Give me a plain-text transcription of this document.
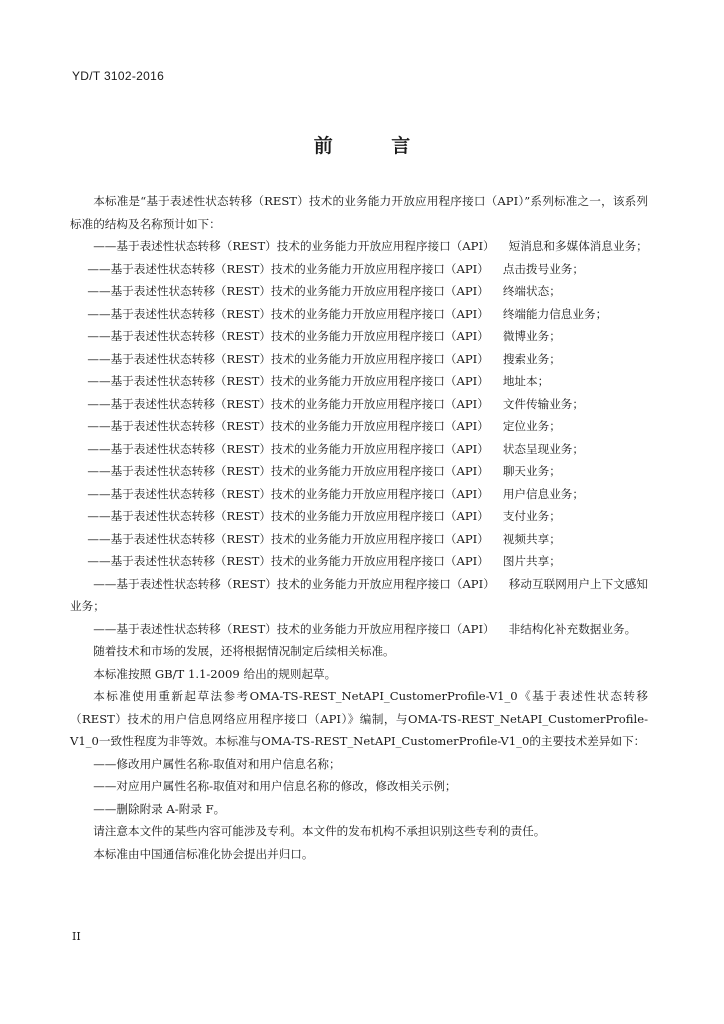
YD/T 3102-2016
前 言

本标准是“基于表述性状态转移（REST）技术的业务能力开放应用程序接口（API）”系列标准之一，该系列标准的结构及名称预计如下：

——基于表述性状态转移（REST）技术的业务能力开放应用程序接口（API） 短消息和多媒体消息业务；

——基于表述性状态转移（REST）技术的业务能力开放应用程序接口（API） 点击拨号业务；
——基于表述性状态转移（REST）技术的业务能力开放应用程序接口（API） 终端状态；
——基于表述性状态转移（REST）技术的业务能力开放应用程序接口（API） 终端能力信息业务；
——基于表述性状态转移（REST）技术的业务能力开放应用程序接口（API） 微博业务；
——基于表述性状态转移（REST）技术的业务能力开放应用程序接口（API） 搜索业务；
——基于表述性状态转移（REST）技术的业务能力开放应用程序接口（API） 地址本；
——基于表述性状态转移（REST）技术的业务能力开放应用程序接口（API） 文件传输业务；
——基于表述性状态转移（REST）技术的业务能力开放应用程序接口（API） 定位业务；
——基于表述性状态转移（REST）技术的业务能力开放应用程序接口（API） 状态呈现业务；
——基于表述性状态转移（REST）技术的业务能力开放应用程序接口（API） 聊天业务；
——基于表述性状态转移（REST）技术的业务能力开放应用程序接口（API） 用户信息业务；
——基于表述性状态转移（REST）技术的业务能力开放应用程序接口（API） 支付业务；
——基于表述性状态转移（REST）技术的业务能力开放应用程序接口（API） 视频共享；
——基于表述性状态转移（REST）技术的业务能力开放应用程序接口（API） 图片共享；

——基于表述性状态转移（REST）技术的业务能力开放应用程序接口（API） 移动互联网用户上下文感知业务；

——基于表述性状态转移（REST）技术的业务能力开放应用程序接口（API） 非结构化补充数据业务。

随着技术和市场的发展，还将根据情况制定后续相关标准。

本标准按照 GB/T 1.1-2009 给出的规则起草。

本标准使用重新起草法参考OMA-TS-REST_NetAPI_CustomerProfile-V1_0《基于表述性状态转移（REST）技术的用户信息网络应用程序接口（API）》编制，与OMA-TS-REST_NetAPI_CustomerProfile-V1_0一致性程度为非等效。本标准与OMA-TS-REST_NetAPI_CustomerProfile-V1_0的主要技术差异如下：

——修改用户属性名称-取值对和用户信息名称；

——对应用户属性名称-取值对和用户信息名称的修改，修改相关示例；

——删除附录 A-附录 F。

请注意本文件的某些内容可能涉及专利。本文件的发布机构不承担识别这些专利的责任。

本标准由中国通信标准化协会提出并归口。

II
